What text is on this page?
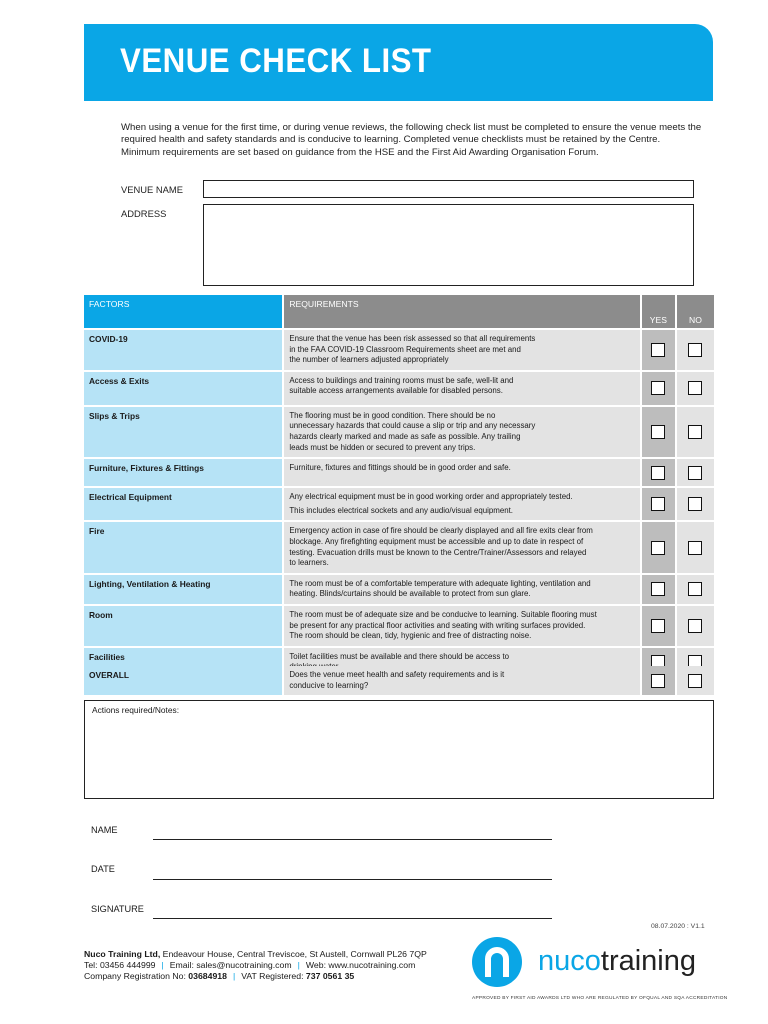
VENUE CHECK LIST

When using a venue for the first time, or during venue reviews, the following check list must be completed to ensure the venue meets the required health and safety standards and is conducive to learning. Completed venue checklists must be retained by the Centre.

Minimum requirements are set based on guidance from the HSE and the First Aid Awarding Organisation Forum.

VENUE NAME
ADDRESS
FACTORS	REQUIREMENTS	YES	NO
COVID-19	Ensure that the venue has been risk assessed so that all requirements
in the FAA COVID-19 Classroom Requirements sheet are met and
the number of learners adjusted appropriately	

Access & Exits	Access to buildings and training rooms must be safe, well-lit and
suitable access arrangements available for disabled persons.	

Slips & Trips	The flooring must be in good condition. There should be no
unnecessary hazards that could cause a slip or trip and any necessary
hazards clearly marked and made as safe as possible. Any trailing
leads must be hidden or secured to prevent any trips.	

Furniture, Fixtures & Fittings	Furniture, fixtures and fittings should be in good order and safe.	

Electrical Equipment	Any electrical equipment must be in good working order and appropriately tested.

This includes electrical sockets and any audio/visual equipment.		

Fire	Emergency action in case of fire should be clearly displayed and all fire exits clear from
blockage. Any firefighting equipment must be accessible and up to date in respect of
testing. Evacuation drills must be known to the Centre/Trainer/Assessors and relayed
to learners.	

Lighting, Ventilation & Heating	The room must be of a comfortable temperature with adequate lighting, ventilation and
heating. Blinds/curtains should be available to protect from sun glare.	

Room	The room must be of adequate size and be conducive to learning. Suitable flooring must
be present for any practical floor activities and seating with writing surfaces provided.
The room should be clean, tidy, hygienic and free of distracting noise.	

Facilities	Toilet facilities must be available and there should be access to

OVERALL	Does the venue meet health and safety requirements and is it
conducive to learning?	

Actions required/Notes:
NAME
DATE
SIGNATURE
08.07.2020 : V1.1
Nuco Training Ltd, Endeavour House, Central Treviscoe, St Austell, Cornwall PL26 7QP
Tel: 03456 444999 | Email: sales@nucotraining.com | Web: www.nucotraining.com
Company Registration No: 03684918 | VAT Registered: 737 0561 35	nucotraining
APPROVED BY FIRST AID AWARDS LTD WHO ARE REGULATED BY OFQUAL AND SQA ACCREDITATION
